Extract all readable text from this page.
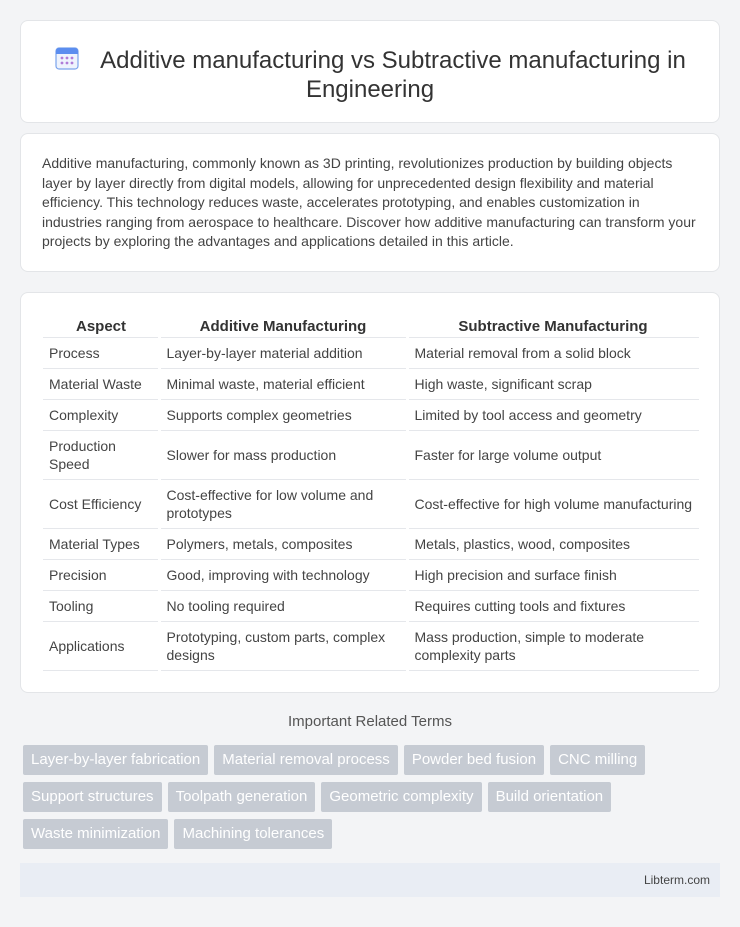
Additive manufacturing vs Subtractive manufacturing in Engineering

Additive manufacturing, commonly known as 3D printing, revolutionizes production by building objects layer by layer directly from digital models, allowing for unprecedented design flexibility and material efficiency. This technology reduces waste, accelerates prototyping, and enables customization in industries ranging from aerospace to healthcare. Discover how additive manufacturing can transform your projects by exploring the advantages and applications detailed in this article.

Aspect	Additive Manufacturing	Subtractive Manufacturing
Process	Layer-by-layer material addition	Material removal from a solid block
Material Waste	Minimal waste, material efficient	High waste, significant scrap
Complexity	Supports complex geometries	Limited by tool access and geometry
Production Speed	Slower for mass production	Faster for large volume output
Cost Efficiency	Cost-effective for low volume and prototypes	Cost-effective for high volume manufacturing
Material Types	Polymers, metals, composites	Metals, plastics, wood, composites
Precision	Good, improving with technology	High precision and surface finish
Tooling	No tooling required	Requires cutting tools and fixtures
Applications	Prototyping, custom parts, complex designs	Mass production, simple to moderate complexity parts
Important Related Terms
Layer-by-layer fabrication	Material removal process	Powder bed fusion	CNC milling
Support structures	Toolpath generation	Geometric complexity	Build orientation
Waste minimization	Machining tolerances
Libterm.com
